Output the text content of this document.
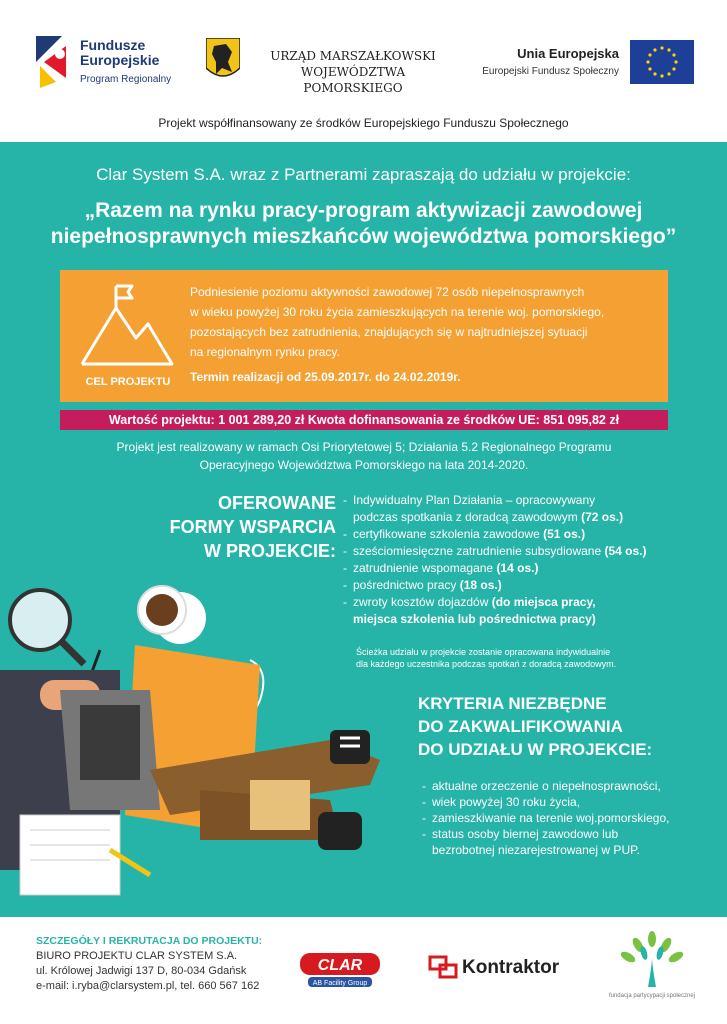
Fundusze Europejskie
Program Regionalny
URZĄD MARSZAŁKOWSKI
WOJEWÓDZTWA POMORSKIEGO
Unia Europejska
Europejski Fundusz Społeczny
Projekt współfinansowany ze środków Europejskiego Funduszu Społecznego
Clar System S.A. wraz z Partnerami zapraszają do udziału w projekcie:
„Razem na rynku pracy-program aktywizacji zawodowej
niepełnosprawnych mieszkańców województwa pomorskiego”
CEL PROJEKTU
Podniesienie poziomu aktywności zawodowej 72 osób niepełnosprawnych
w wieku powyżej 30 roku życia zamieszkujących na terenie woj. pomorskiego,
pozostających bez zatrudnienia, znajdujących się w najtrudniejszej sytuacji
na regionalnym rynku pracy.
Termin realizacji od 25.09.2017r. do 24.02.2019r.
Wartość projektu: 1 001 289,20 zł Kwota dofinansowania ze środków UE: 851 095,82 zł
Projekt jest realizowany w ramach Osi Priorytetowej 5; Działania 5.2 Regionalnego Programu
Operacyjnego Województwa Pomorskiego na lata 2014-2020.
OFEROWANE
FORMY WSPARCIA
W PROJEKCIE:
- Indywidualny Plan Działania – opracowywany
podczas spotkania z doradcą zawodowym (72 os.)
- certyfikowane szkolenia zawodowe (51 os.)
- sześciomiesięczne zatrudnienie subsydiowane (54 os.)
- zatrudnienie wspomagane (14 os.)
- pośrednictwo pracy (18 os.)
- zwroty kosztów dojazdów (do miejsca pracy,
miejsca szkolenia lub pośrednictwa pracy)
Ścieżka udziału w projekcie zostanie opracowana indywidualnie
dla każdego uczestnika podczas spotkań z doradcą zawodowym.
KRYTERIA NIEZBĘDNE
DO ZAKWALIFIKOWANIA
DO UDZIAŁU W PROJEKCIE:
- aktualne orzeczenie o niepełnosprawności,
- wiek powyżej 30 roku życia,
- zamieszkiwanie na terenie woj.pomorskiego,
- status osoby biernej zawodowo lub
bezrobotnej niezarejestrowanej w PUP.
SZCZEGÓŁY I REKRUTACJA DO PROJEKTU:
BIURO PROJEKTU CLAR SYSTEM S.A.
ul. Królowej Jadwigi 137 D, 80-034 Gdańsk
e-mail: i.ryba@clarsystem.pl, tel. 660 567 162
CLAR
AB Facility Group
Kontraktor
fundacja partycypacji społecznej
